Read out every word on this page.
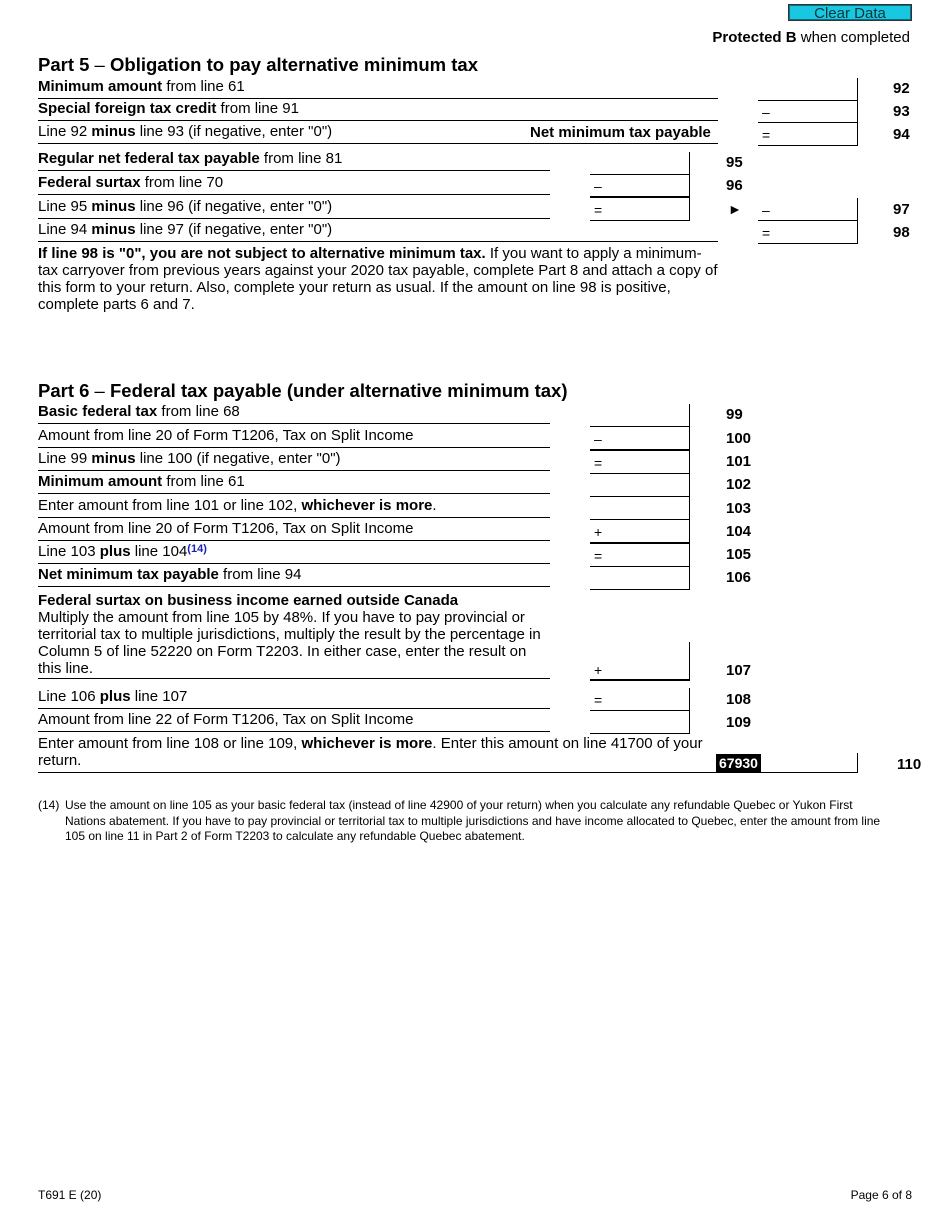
Clear Data
Protected B when completed
Part 5 – Obligation to pay alternative minimum tax
Minimum amount from line 61	92
Special foreign tax credit from line 91	–	93
Line 92 minus line 93 (if negative, enter "0")	Net minimum tax payable	=	94
Regular net federal tax payable from line 81	95
Federal surtax from line 70	–	96
Line 95 minus line 96 (if negative, enter "0")	=	► –	97
Line 94 minus line 97 (if negative, enter "0")	=	98
If line 98 is "0", you are not subject to alternative minimum tax. If you want to apply a minimum-tax carryover from previous years against your 2020 tax payable, complete Part 8 and attach a copy of this form to your return. Also, complete your return as usual. If the amount on line 98 is positive, complete parts 6 and 7.
Part 6 – Federal tax payable (under alternative minimum tax)
Basic federal tax from line 68	99
Amount from line 20 of Form T1206, Tax on Split Income	–	100
Line 99 minus line 100 (if negative, enter "0")	=	101
Minimum amount from line 61	102
Enter amount from line 101 or line 102, whichever is more.	103
Amount from line 20 of Form T1206, Tax on Split Income	+	104
Line 103 plus line $104^{(14)}$	=	105
Net minimum tax payable from line 94	106
Federal surtax on business income earned outside Canada
Multiply the amount from line 105 by 48%. If you have to pay provincial or territorial tax to multiple jurisdictions, multiply the result by the percentage in Column 5 of line 52220 on Form T2203. In either case, enter the result on this line.	+	107
Line 106 plus line 107	=	108
Amount from line 22 of Form T1206, Tax on Split Income	109
Enter amount from line 108 or line 109, whichever is more. Enter this amount on line 41700 of your return.	67930	110
(14) Use the amount on line 105 as your basic federal tax (instead of line 42900 of your return) when you calculate any refundable Quebec or Yukon First Nations abatement. If you have to pay provincial or territorial tax to multiple jurisdictions and have income allocated to Quebec, enter the amount from line 105 on line 11 in Part 2 of Form T2203 to calculate any refundable Quebec abatement.
T691 E (20)	Page 6 of 8
